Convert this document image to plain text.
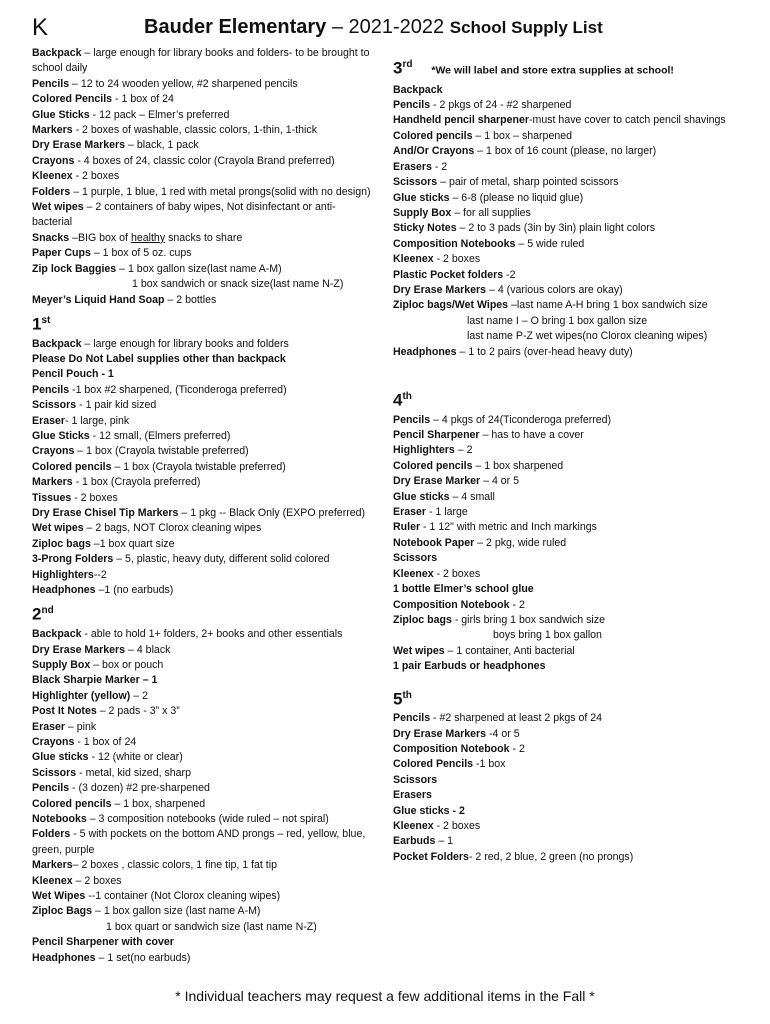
K	Bauder Elementary – 2021-2022 School Supply List
Backpack – large enough for library books and folders- to be brought to school daily
Pencils – 12 to 24 wooden yellow, #2 sharpened pencils
Colored Pencils - 1 box of 24
Glue Sticks - 12 pack – Elmer’s preferred
Markers - 2 boxes of washable, classic colors, 1-thin, 1-thick
Dry Erase Markers – black, 1 pack
Crayons - 4 boxes of 24, classic color (Crayola Brand preferred)
Kleenex - 2 boxes
Folders – 1 purple, 1 blue, 1 red with metal prongs(solid with no design)
Wet wipes – 2 containers of baby wipes, Not disinfectant or anti-bacterial
Snacks –BIG box of healthy snacks to share
Paper Cups – 1 box of 5 oz. cups
Zip lock Baggies – 1 box gallon size(last name A-M)
1 box sandwich or snack size(last name N-Z)
Meyer’s Liquid Hand Soap – 2 bottles
1st
Backpack – large enough for library books and folders
Please Do Not Label supplies other than backpack
Pencil Pouch - 1
Pencils -1 box #2 sharpened, (Ticonderoga preferred)
Scissors - 1 pair kid sized
Eraser- 1 large, pink
Glue Sticks - 12 small, (Elmers preferred)
Crayons – 1 box (Crayola twistable preferred)
Colored pencils – 1 box (Crayola twistable preferred)
Markers - 1 box (Crayola preferred)
Tissues - 2 boxes
Dry Erase Chisel Tip Markers – 1 pkg -- Black Only (EXPO preferred)
Wet wipes – 2 bags, NOT Clorox cleaning wipes
Ziploc bags –1 box quart size
3-Prong Folders – 5, plastic, heavy duty, different solid colored
Highlighters--2
Headphones –1 (no earbuds)
2nd
Backpack - able to hold 1+ folders, 2+ books and other essentials
Dry Erase Markers – 4 black
Supply Box – box or pouch
Black Sharpie Marker – 1
Highlighter (yellow) – 2
Post It Notes – 2 pads - 3” x 3”
Eraser – pink
Crayons - 1 box of 24
Glue sticks - 12 (white or clear)
Scissors - metal, kid sized, sharp
Pencils - (3 dozen) #2 pre-sharpened
Colored pencils – 1 box, sharpened
Notebooks – 3 composition notebooks (wide ruled – not spiral)
Folders - 5 with pockets on the bottom AND prongs – red, yellow, blue, green, purple
Markers– 2 boxes , classic colors, 1 fine tip, 1 fat tip
Kleenex – 2 boxes
Wet Wipes --1 container (Not Clorox cleaning wipes)
Ziploc Bags – 1 box gallon size (last name A-M)
1 box quart or sandwich size (last name N-Z)
Pencil Sharpener with cover
Headphones – 1 set(no earbuds)
3rd    *We will label and store extra supplies at school!
Backpack
Pencils - 2 pkgs of 24 - #2 sharpened
Handheld pencil sharpener-must have cover to catch pencil shavings
Colored pencils – 1 box – sharpened
And/Or Crayons – 1 box of 16 count (please, no larger)
Erasers - 2
Scissors – pair of metal, sharp pointed scissors
Glue sticks – 6-8 (please no liquid glue)
Supply Box – for all supplies
Sticky Notes – 2 to 3 pads (3in by 3in) plain light colors
Composition Notebooks – 5 wide ruled
Kleenex - 2 boxes
Plastic Pocket folders -2
Dry Erase Markers – 4 (various colors are okay)
Ziploc bags/Wet Wipes –last name A-H bring 1 box sandwich size
last name I – O bring 1 box gallon size
last name P-Z wet wipes(no Clorox cleaning wipes)
Headphones – 1 to 2 pairs (over-head heavy duty)
4th
Pencils – 4 pkgs of 24(Ticonderoga preferred)
Pencil Sharpener – has to have a cover
Highlighters – 2
Colored pencils – 1 box sharpened
Dry Erase Marker – 4 or 5
Glue sticks – 4 small
Eraser - 1 large
Ruler - 1 12" with metric and Inch markings
Notebook Paper – 2 pkg, wide ruled
Scissors
Kleenex - 2 boxes
1 bottle Elmer’s school glue
Composition Notebook - 2
Ziploc bags - girls bring 1 box sandwich size
boys bring 1 box gallon
Wet wipes – 1 container, Anti bacterial
1 pair Earbuds or headphones
5th
Pencils - #2 sharpened at least 2 pkgs of 24
Dry Erase Markers -4 or 5
Composition Notebook - 2
Colored Pencils -1 box
Scissors
Erasers
Glue sticks - 2
Kleenex - 2 boxes
Earbuds – 1
Pocket Folders- 2 red, 2 blue, 2 green (no prongs)
* Individual teachers may request a few additional items in the Fall *
